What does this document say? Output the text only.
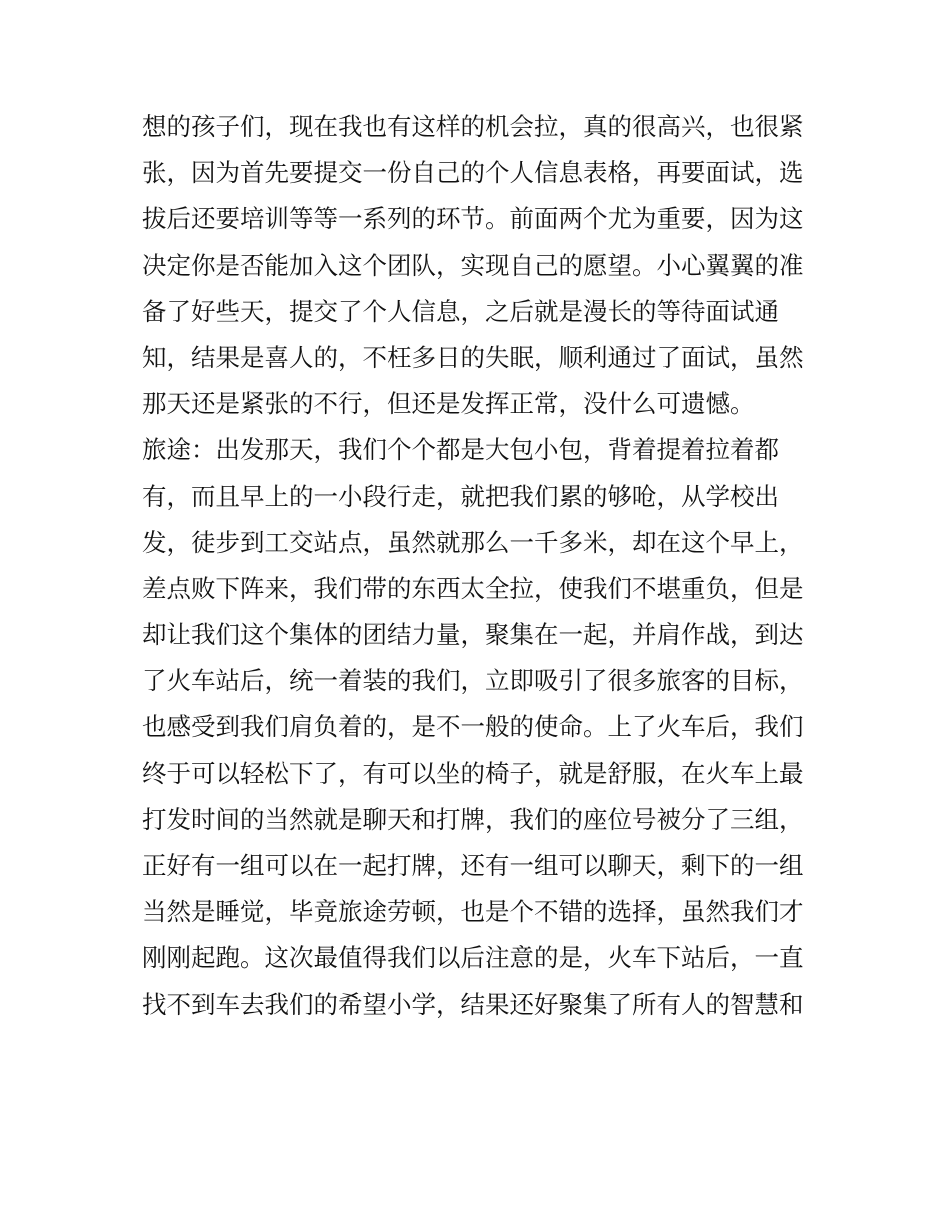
想的孩子们，现在我也有这样的机会拉，真的很高兴，也很紧
张，因为首先要提交一份自己的个人信息表格，再要面试，选
拔后还要培训等等一系列的环节。前面两个尤为重要，因为这
决定你是否能加入这个团队，实现自己的愿望。小心翼翼的准
备了好些天，提交了个人信息，之后就是漫长的等待面试通
知，结果是喜人的，不枉多日的失眠，顺利通过了面试，虽然
那天还是紧张的不行，但还是发挥正常，没什么可遗憾。
旅途：出发那天，我们个个都是大包小包，背着提着拉着都
有，而且早上的一小段行走，就把我们累的够呛，从学校出
发，徒步到工交站点，虽然就那么一千多米，却在这个早上，
差点败下阵来，我们带的东西太全拉，使我们不堪重负，但是
却让我们这个集体的团结力量，聚集在一起，并肩作战，到达
了火车站后，统一着装的我们，立即吸引了很多旅客的目标，
也感受到我们肩负着的，是不一般的使命。上了火车后，我们
终于可以轻松下了，有可以坐的椅子，就是舒服，在火车上最
打发时间的当然就是聊天和打牌，我们的座位号被分了三组，
正好有一组可以在一起打牌，还有一组可以聊天，剩下的一组
当然是睡觉，毕竟旅途劳顿，也是个不错的选择，虽然我们才
刚刚起跑。这次最值得我们以后注意的是，火车下站后，一直
找不到车去我们的希望小学，结果还好聚集了所有人的智慧和
